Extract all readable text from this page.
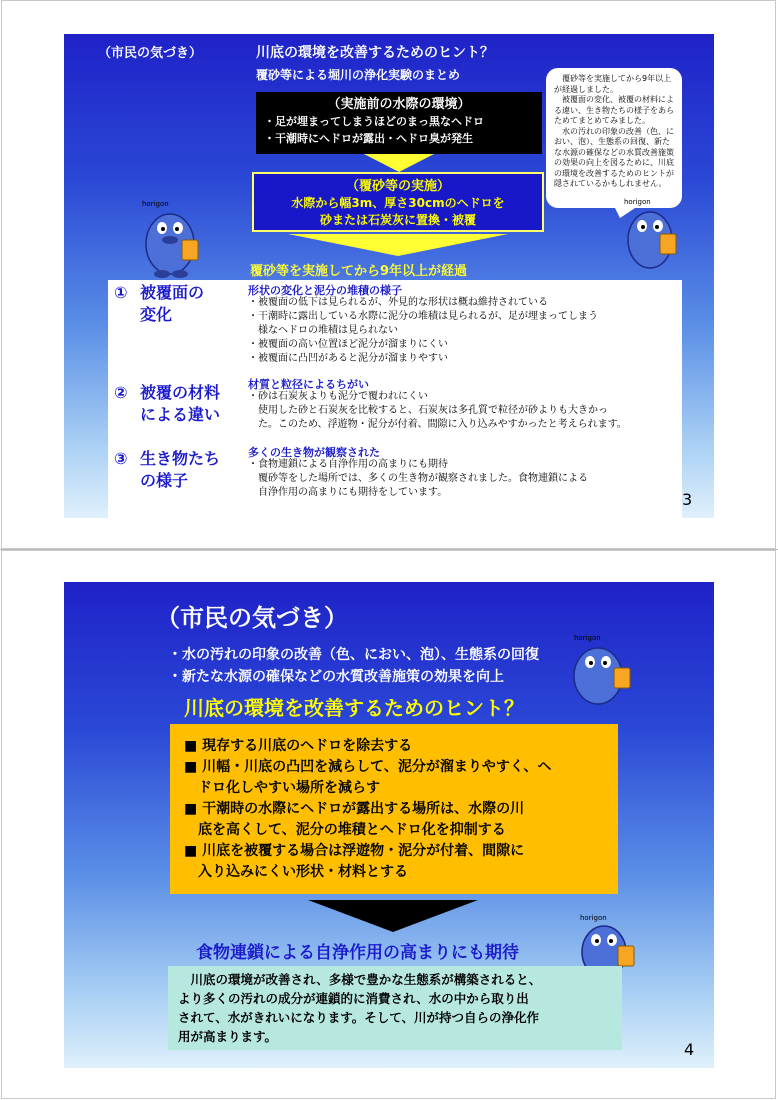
（市民の気づき）	川底の環境を改善するためのヒント？
覆砂等による堀川の浄化実験のまとめ
（実施前の水際の環境）
・足が埋まってしまうほどのまっ黒なヘドロ
・干潮時にヘドロが露出・ヘドロ臭が発生
（覆砂等の実施）
水際から幅3m、厚さ30cmのヘドロを
砂または石炭灰に置換・被覆
覆砂等を実施してから9年以上が経過
　覆砂等を実施してから9年以上が経過しました。
　被覆面の変化、被覆の材料による違い、生き物たちの様子をあらためてまとめてみました。
　水の汚れの印象の改善（色、におい、泡）、生態系の回復、新たな水源の確保などの水質改善施策の効果の向上を図るために、川底の環境を改善するためのヒントが隠されているかもしれません。
horigon	horigon
① 被覆面の
変化
形状の変化と泥分の堆積の様子
・被覆面の低下は見られるが、外見的な形状は概ね維持されている
・干潮時に露出している水際に泥分の堆積は見られるが、足が埋まってしまう
　様なヘドロの堆積は見られない
・被覆面の高い位置ほど泥分が溜まりにくい
・被覆面に凸凹があると泥分が溜まりやすい
② 被覆の材料
による違い
材質と粒径によるちがい
・砂は石炭灰よりも泥分で覆われにくい
　使用した砂と石炭灰を比較すると、石炭灰は多孔質で粒径が砂よりも大きかっ
　た。このため、浮遊物・泥分が付着、間隙に入り込みやすかったと考えられます。
③ 生き物たち
の様子
多くの生き物が観察された
・食物連鎖による自浄作用の高まりにも期待
　覆砂等をした場所では、多くの生き物が観察されました。食物連鎖による
　自浄作用の高まりにも期待をしています。	3
（市民の気づき）
・水の汚れの印象の改善（色、におい、泡）、生態系の回復
・新たな水源の確保などの水質改善施策の効果を向上
川底の環境を改善するためのヒント？
■ 現存する川底のヘドロを除去する
■ 川幅・川底の凸凹を減らして、泥分が溜まりやすく、ヘ
　ドロ化しやすい場所を減らす
■ 干潮時の水際にヘドロが露出する場所は、水際の川
　底を高くして、泥分の堆積とヘドロ化を抑制する
■ 川底を被覆する場合は浮遊物・泥分が付着、間隙に
　入り込みにくい形状・材料とする
horigon
食物連鎖による自浄作用の高まりにも期待
horigon
　川底の環境が改善され、多様で豊かな生態系が構築されると、
より多くの汚れの成分が連鎖的に消費され、水の中から取り出
されて、水がきれいになります。そして、川が持つ自らの浄化作
用が高まります。
4
